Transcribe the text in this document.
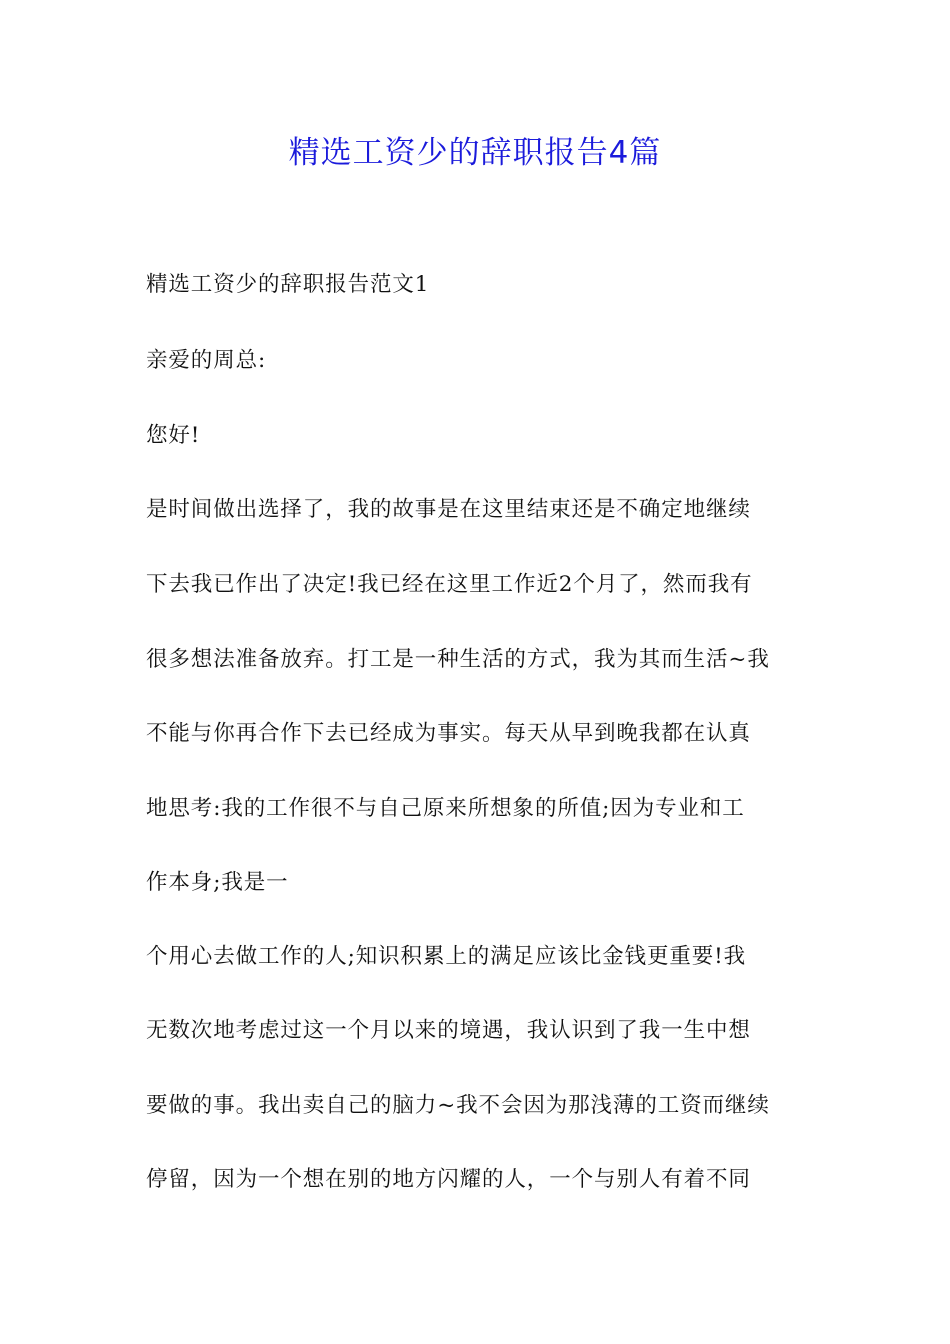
精选工资少的辞职报告4篇

精选工资少的辞职报告范文1

亲爱的周总:

您好!

是时间做出选择了，我的故事是在这里结束还是不确定地继续

下去我已作出了决定!我已经在这里工作近2个月了，然而我有

很多想法准备放弃。打工是一种生活的方式，我为其而生活~我

不能与你再合作下去已经成为事实。每天从早到晚我都在认真

地思考:我的工作很不与自己原来所想象的所值;因为专业和工

作本身;我是一

个用心去做工作的人;知识积累上的满足应该比金钱更重要!我

无数次地考虑过这一个月以来的境遇，我认识到了我一生中想

要做的事。我出卖自己的脑力~我不会因为那浅薄的工资而继续

停留，因为一个想在别的地方闪耀的人，一个与别人有着不同
